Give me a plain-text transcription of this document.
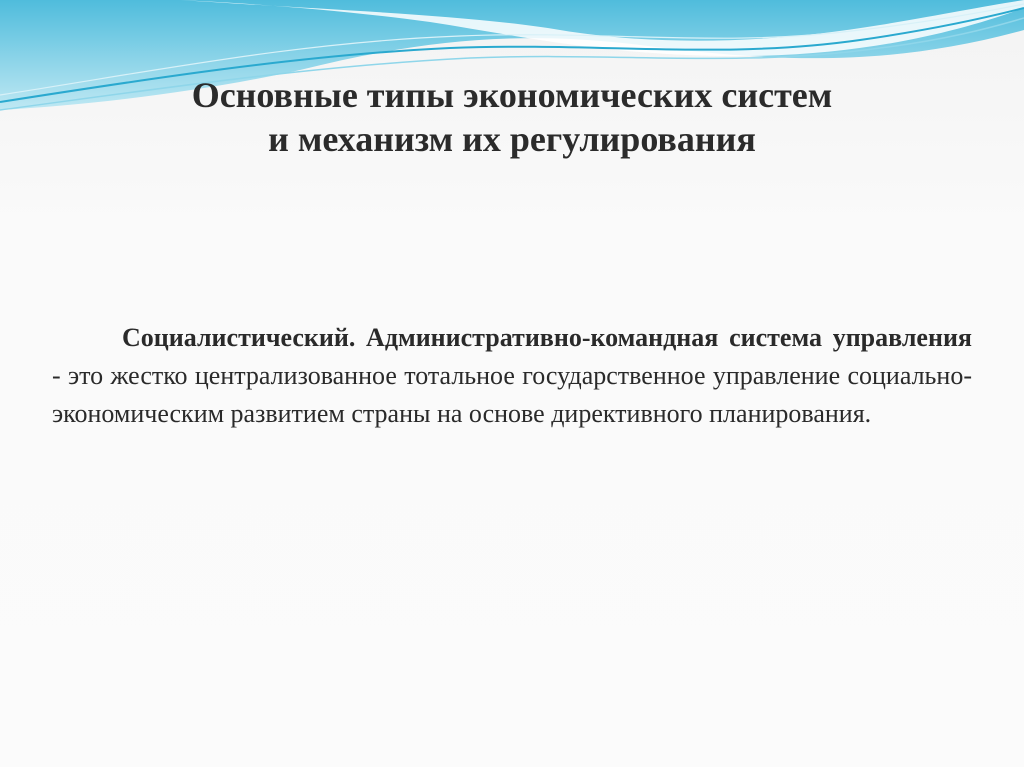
Основные типы экономических систем
и механизм их регулирования

Социалистический. Административно-командная система управления - это жестко централизованное тотальное государственное управление социально-экономическим развитием страны на основе директивного планирования.
